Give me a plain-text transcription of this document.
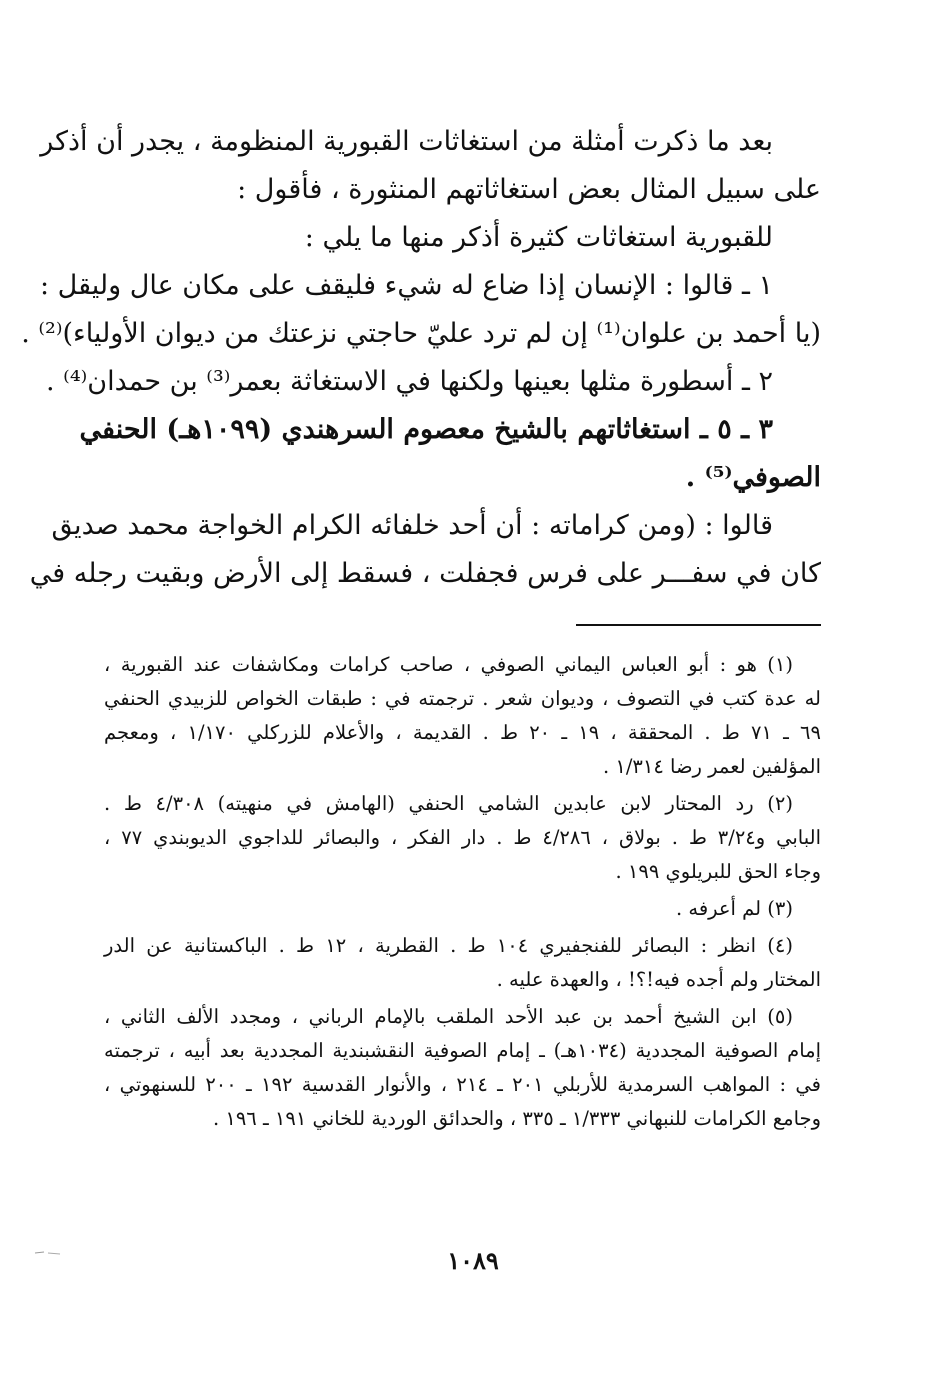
بعد ما ذكرت أمثلة من استغاثات القبورية المنظومة ، يجدر أن أذكر
على سبيل المثال بعض استغاثاتهم المنثورة ، فأقول :
للقبورية استغاثات كثيرة أذكر منها ما يلي :
١ ـ قالوا : الإنسان إذا ضاع له شيء فليقف على مكان عال وليقل :
(يا أحمد بن علوان⁽¹⁾ إن لم ترد عليّ حاجتي نزعتك من ديوان الأولياء)⁽²⁾ .
٢ ـ أسطورة مثلها بعينها ولكنها في الاستغاثة بعمر⁽³⁾ بن حمدان⁽⁴⁾ .
٣ ـ ٥ ـ استغاثاتهم بالشيخ معصوم السرهندي (١٠٩٩هـ) الحنفي
الصوفي⁽⁵⁾ .
قالوا : (ومن كراماته : أن أحد خلفائه الكرام الخواجة محمد صديق
كان في سفـــر على فرس فجفلت ، فسقط إلى الأرض وبقيت رجله في
(١) هو : أبو العباس اليماني الصوفي ، صاحب كرامات ومكاشفات عند القبورية ،
له عدة كتب في التصوف ، وديوان شعر . ترجمته في : طبقات الخواص للزبيدي الحنفي
٦٩ ـ ٧١ ط . المحققة ، ١٩ ـ ٢٠ ط . القديمة ، والأعلام للزركلي ١/١٧٠ ، ومعجم
المؤلفين لعمر رضا ١/٣١٤ .
(٢) رد المحتار لابن عابدين الشامي الحنفي (الهامش في منهيته) ٤/٣٠٨ ط .
البابي و٣/٢٤ ط . بولاق ، ٤/٢٨٦ ط . دار الفكر ، والبصائر للداجوي الديوبندي ٧٧ ،
وجاء الحق للبريلوي ١٩٩ .
(٣) لم أعرفه .
(٤) انظر : البصائر للفنجفيري ١٠٤ ط . القطرية ، ١٢ ط . الباكستانية عن الدر
المختار ولم أجده فيه!؟! ، والعهدة عليه .
(٥) ابن الشيخ أحمد بن عبد الأحد الملقب بالإمام الرباني ، ومجدد الألف الثاني ،
إمام الصوفية المجددية (١٠٣٤هـ) ـ إمام الصوفية النقشبندية المجددية بعد أبيه ، ترجمته
في : المواهب السرمدية للأربلي ٢٠١ ـ ٢١٤ ، والأنوار القدسية ١٩٢ ـ ٢٠٠ للسنهوتي ،
وجامع الكرامات للنبهاني ١/٣٣٣ ـ ٣٣٥ ، والحدائق الوردية للخاني ١٩١ ـ ١٩٦ .
١٠٨٩
